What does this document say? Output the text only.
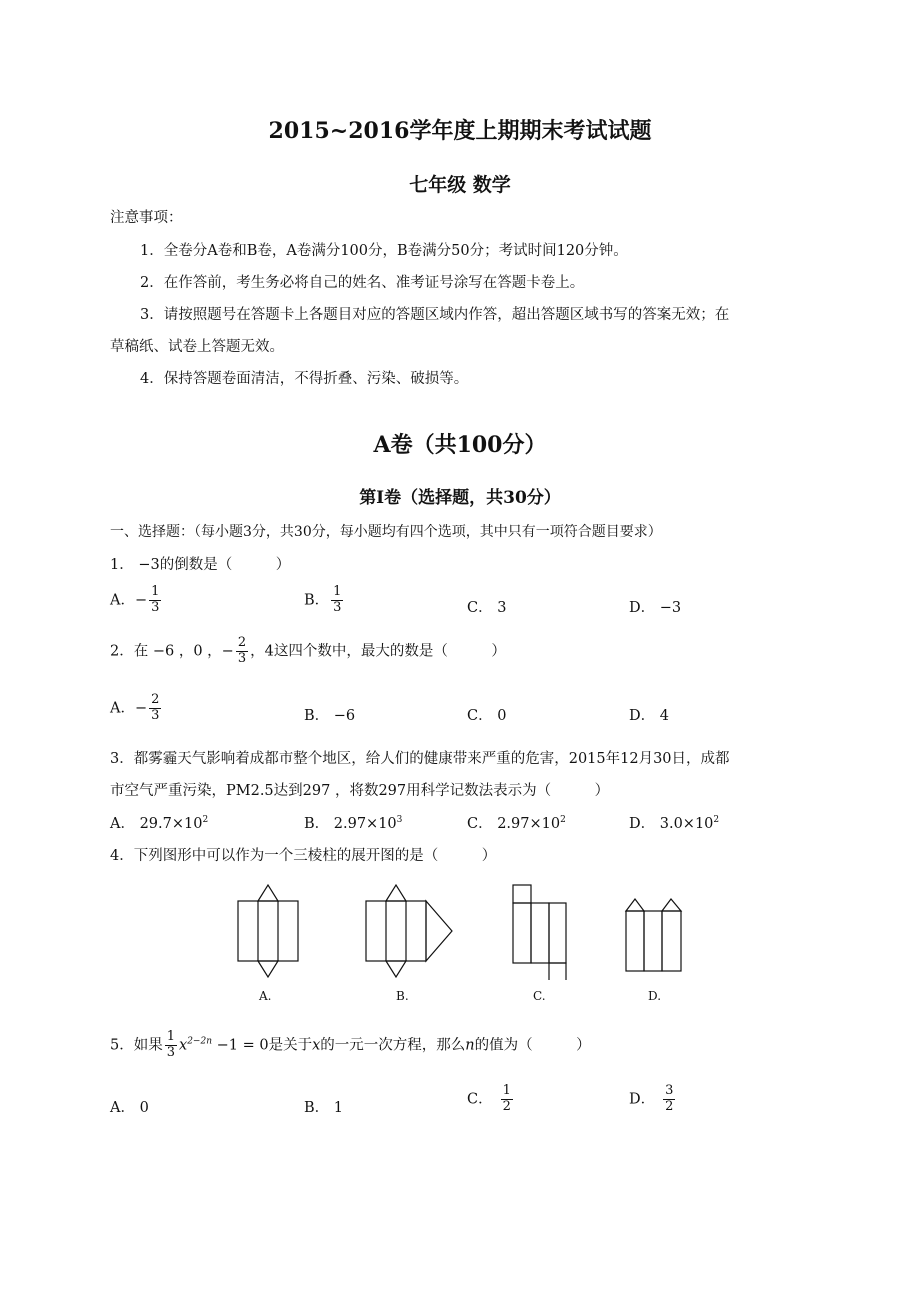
2015~2016学年度上期期末考试试题
七年级 数学
注意事项：
1．全卷分A卷和B卷，A卷满分100分，B卷满分50分；考试时间120分钟。
2．在作答前，考生务必将自己的姓名、准考证号涂写在答题卡卷上。
3．请按照题号在答题卡上各题目对应的答题区域内作答，超出答题区域书写的答案无效；在
草稿纸、试卷上答题无效。
4．保持答题卷面清洁，不得折叠、污染、破损等。
A卷（共100分）
第Ⅰ卷（选择题，共30分）
一、选择题：（每小题3分，共30分，每小题均有四个选项，其中只有一项符合题目要求）
1． −3的倒数是（　　　）
A．− $\frac{1}{3}$	B． $\frac{1}{3}$	C． 3	D． −3
2．在 −6 ，0 ，− $\frac{2}{3}$ ，4这四个数中，最大的数是（　　　）
A．− $\frac{2}{3}$	B． −6	C． 0	D． 4
3．都雾霾天气影响着成都市整个地区，给人们的健康带来严重的危害，2015年12月30日，成都
市空气严重污染，PM2.5达到297 ，将数297用科学记数法表示为（　　　）
A． $29.7\times 10^2$	B． $2.97\times 10^3$	C． $2.97\times 10^2$	D． $3.0\times 10^2$
4．下列图形中可以作为一个三棱柱的展开图的是（　　　）
A.	B.	C.	D.
5．如果 $\frac{1}{3} x^{2-2n} -1 = 0$是关于x的一元一次方程，那么n的值为（　　　）
A． 0	B． 1
C． $\frac{1}{2}$	D． $\frac{3}{2}$
